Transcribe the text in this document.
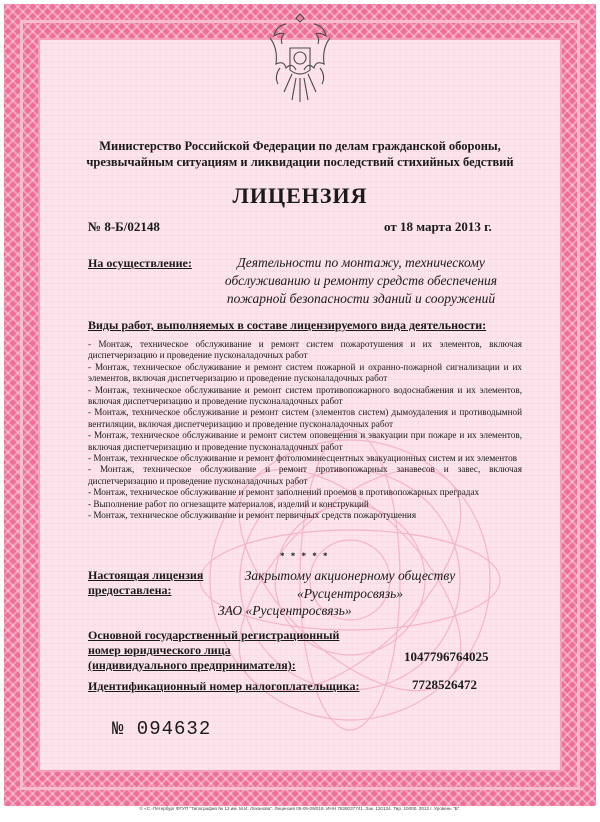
Министерство Российской Федерации по делам гражданской обороны,
чрезвычайным ситуациям и ликвидации последствий стихийных бедствий
ЛИЦЕНЗИЯ
№ 8-Б/02148	от 18 марта 2013 г.
На осуществление:	Деятельности по монтажу, техническому
обслуживанию и ремонту средств обеспечения
пожарной безопасности зданий и сооружений
Виды работ, выполняемых в составе лицензируемого вида деятельности:

- Монтаж, техническое обслуживание и ремонт систем пожаротушения и их элементов, включая диспетчеризацию и проведение пусконаладочных работ

- Монтаж, техническое обслуживание и ремонт систем пожарной и охранно-пожарной сигнализации и их элементов, включая диспетчеризацию и проведение пусконаладочных работ

- Монтаж, техническое обслуживание и ремонт систем противопожарного водоснабжения и их элементов, включая диспетчеризацию и проведение пусконаладочных работ

- Монтаж, техническое обслуживание и ремонт систем (элементов систем) дымоудаления и противодымной вентиляции, включая диспетчеризацию и проведение пусконаладочных работ

- Монтаж, техническое обслуживание и ремонт систем оповещения и эвакуации при пожаре и их элементов, включая диспетчеризацию и проведение пусконаладочных работ

- Монтаж, техническое обслуживание и ремонт фотолюминесцентных эвакуационных систем и их элементов

- Монтаж, техническое обслуживание и ремонт противопожарных занавесов и завес, включая диспетчеризацию и проведение пусконаладочных работ

- Монтаж, техническое обслуживание и ремонт заполнений проемов в противопожарных преградах

- Выполнение работ по огнезащите материалов, изделий и конструкций

- Монтаж, техническое обслуживание и ремонт первичных средств пожаротушения

* * * * *
Настоящая лицензия
предоставлена:
Закрытому акционерному обществу
«Русцентросвязь»
ЗАО «Русцентросвязь»
Основной государственный регистрационный
номер юридического лица
(индивидуального предпринимателя):
1047796764025
Идентификационный номер налогоплательщика:	7728526472
№ 094632
© «С.-Петербург ФГУП "Типография № 12 им. М.И. Лоханова". Лицензия 05-05-09/019. ИНН 7826037741. Зак. 120134. Тир. 10000. 2012 г. Уровень "Б".
